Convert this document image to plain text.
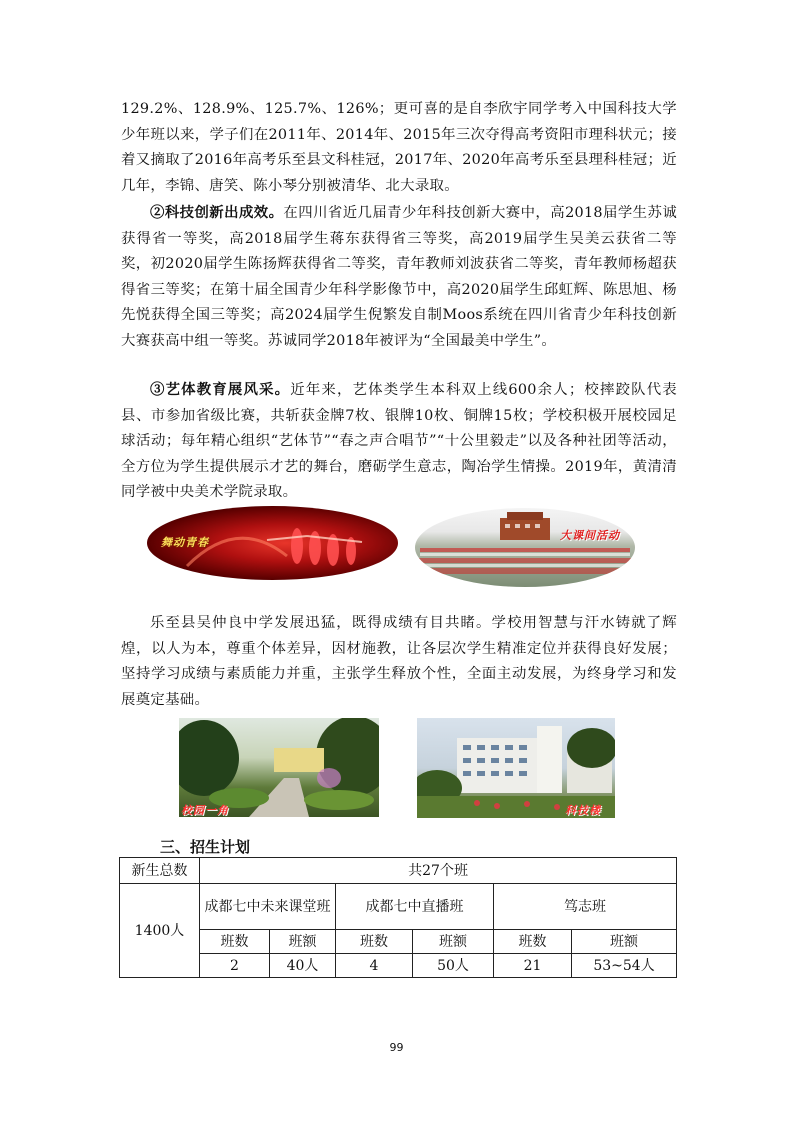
129.2%、128.9%、125.7%、126%；更可喜的是自李欣宇同学考入中国科技大学少年班以来，学子们在2011年、2014年、2015年三次夺得高考资阳市理科状元；接着又摘取了2016年高考乐至县文科桂冠，2017年、2020年高考乐至县理科桂冠；近几年，李锦、唐笑、陈小琴分别被清华、北大录取。

②科技创新出成效。在四川省近几届青少年科技创新大赛中，高2018届学生苏诚获得省一等奖，高2018届学生蒋东获得省三等奖，高2019届学生吴美云获省二等奖，初2020届学生陈扬辉获得省二等奖，青年教师刘波获省二等奖，青年教师杨超获得省三等奖；在第十届全国青少年科学影像节中，高2020届学生邱虹辉、陈思旭、杨先悦获得全国三等奖；高2024届学生倪繁发自制Moos系统在四川省青少年科技创新大赛获高中组一等奖。苏诚同学2018年被评为“全国最美中学生”。

③艺体教育展风采。近年来，艺体类学生本科双上线600余人；校摔跤队代表县、市参加省级比赛，共斩获金牌7枚、银牌10枚、铜牌15枚；学校积极开展校园足球活动；每年精心组织“艺体节”“春之声合唱节”“十公里毅走”以及各种社团等活动，全方位为学生提供展示才艺的舞台，磨砺学生意志，陶冶学生情操。2019年，黄清清同学被中央美术学院录取。

舞动青春
大课间活动

乐至县吴仲良中学发展迅猛，既得成绩有目共睹。学校用智慧与汗水铸就了辉煌，以人为本，尊重个体差异，因材施教，让各层次学生精准定位并获得良好发展；坚持学习成绩与素质能力并重，主张学生释放个性，全面主动发展，为终身学习和发展奠定基础。

校园一角	科技楼
三、招生计划
新生总数	共27个班					
1400人	成都七中未来课堂班		成都七中直播班		笃志班	
	班数	班额	班数	班额	班数	班额
	2	40人	4	50人	21	53~54人
99
